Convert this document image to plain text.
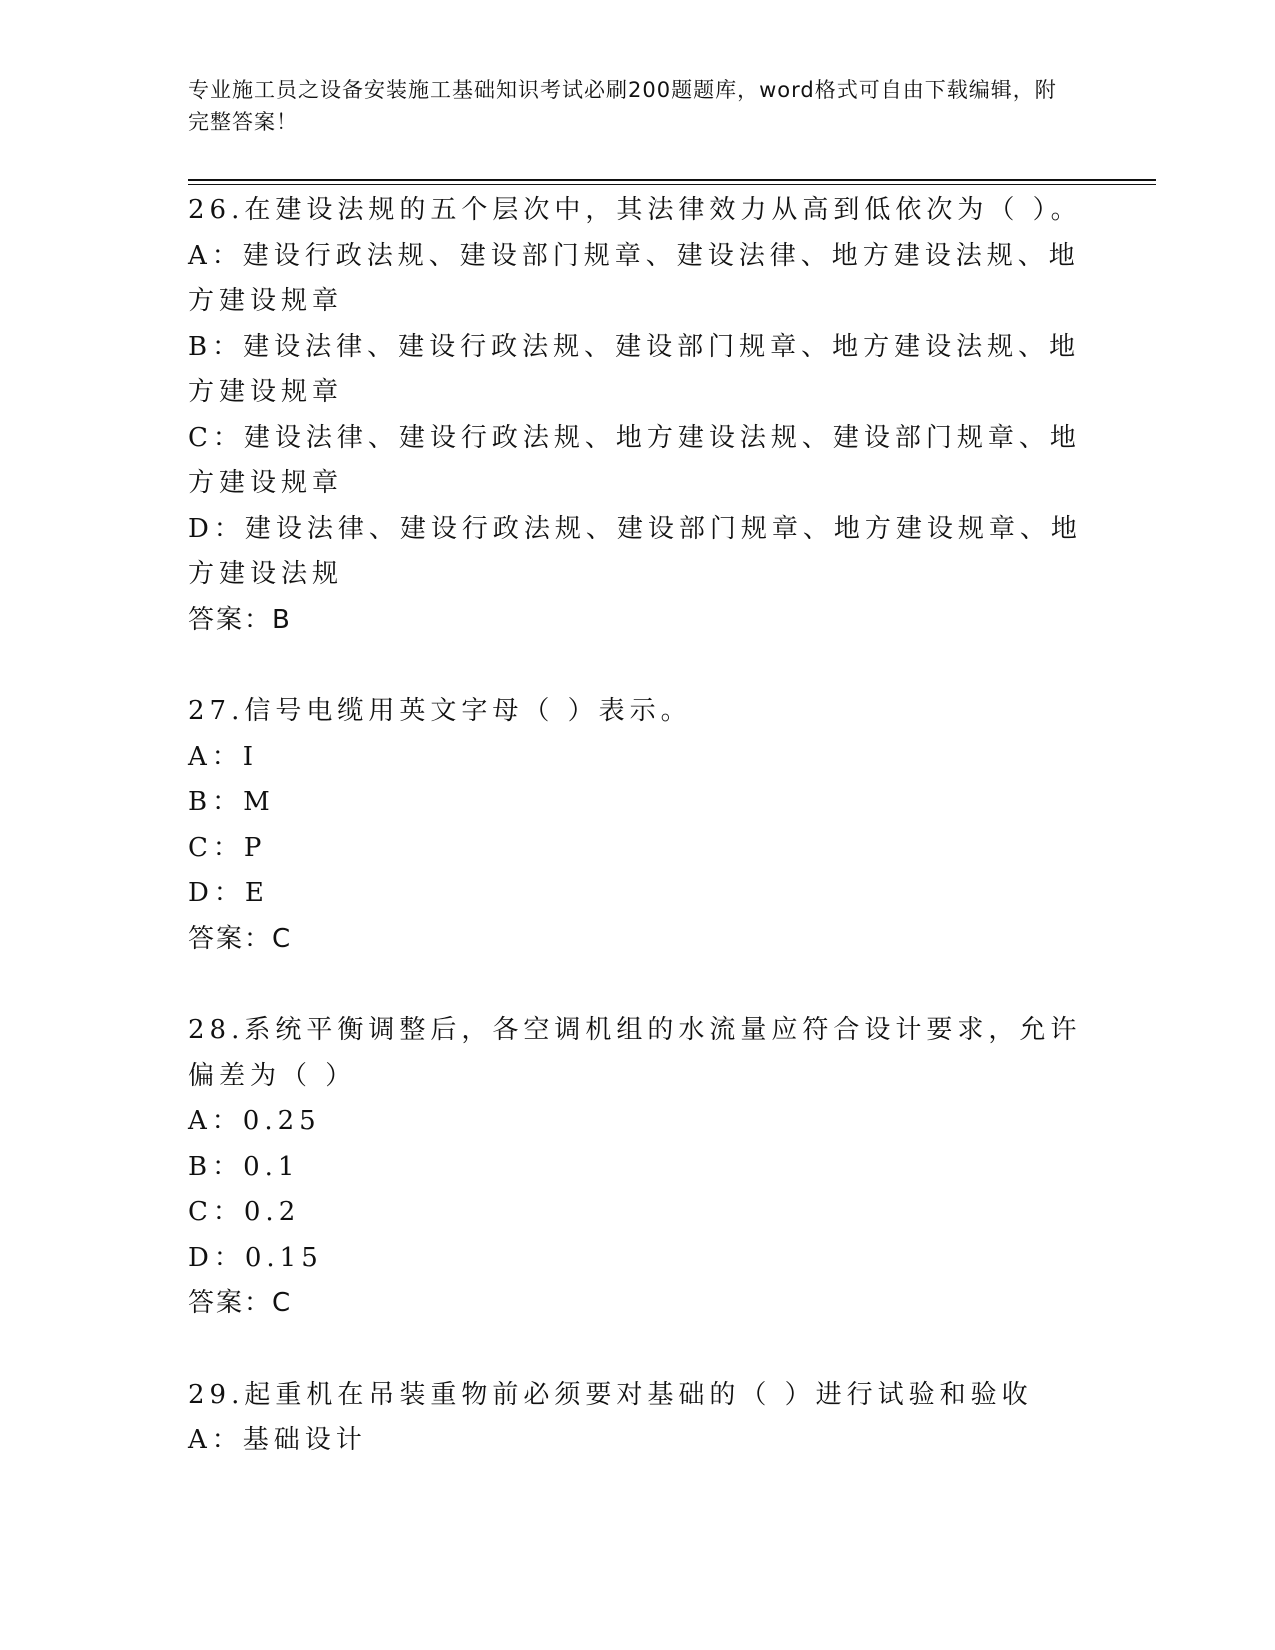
专业施工员之设备安装施工基础知识考试必刷200题题库，word格式可自由下载编辑，附完整答案！

26.在建设法规的五个层次中，其法律效力从高到低依次为（ ）。

A：建设行政法规、建设部门规章、建设法律、地方建设法规、地方建设规章

B：建设法律、建设行政法规、建设部门规章、地方建设法规、地方建设规章

C：建设法律、建设行政法规、地方建设法规、建设部门规章、地方建设规章

D：建设法律、建设行政法规、建设部门规章、地方建设规章、地方建设法规

答案：B

27.信号电缆用英文字母（ ）表示。

A：I

B：M

C：P

D：E

答案：C

28.系统平衡调整后，各空调机组的水流量应符合设计要求，允许偏差为（ ）

A：0.25

B：0.1

C：0.2

D：0.15

答案：C

29.起重机在吊装重物前必须要对基础的（ ）进行试验和验收

A：基础设计
